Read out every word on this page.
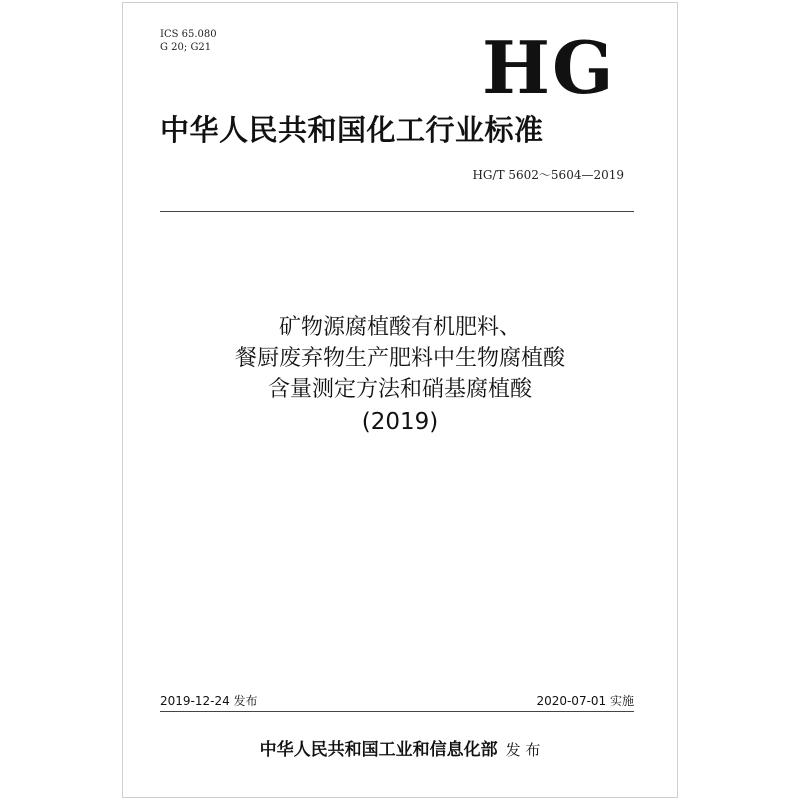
ICS 65.080
G 20; G21	HG
中华人民共和国化工行业标准
HG/T 5602～5604—2019
矿物源腐植酸有机肥料、
餐厨废弃物生产肥料中生物腐植酸
含量测定方法和硝基腐植酸
(2019)
2019-12-24 发布	2020-07-01 实施
中华人民共和国工业和信息化部 发 布
